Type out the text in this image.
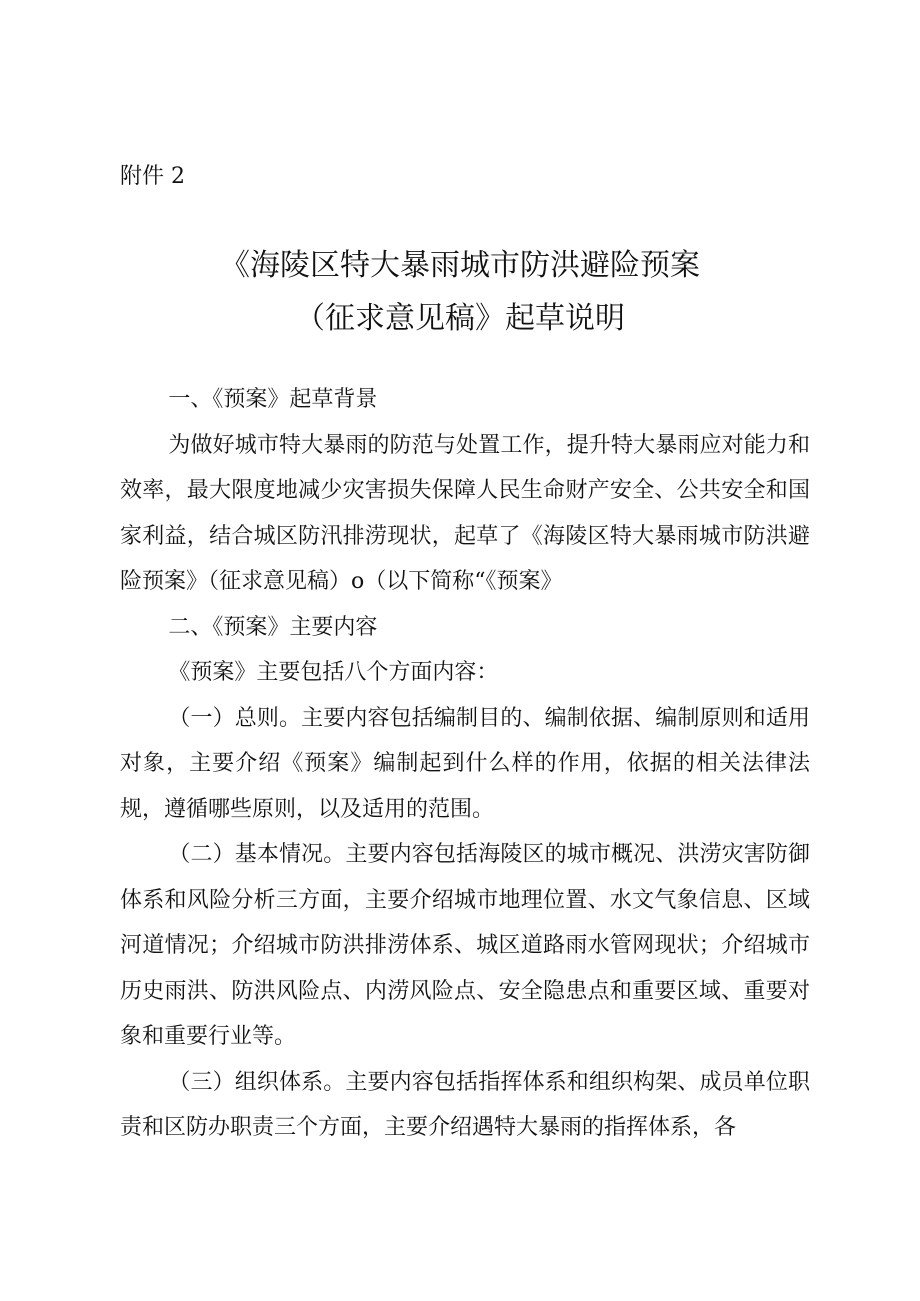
附件 2
《海陵区特大暴雨城市防洪避险预案
（征求意见稿》起草说明

一、《预案》起草背景

为做好城市特大暴雨的防范与处置工作，提升特大暴雨应对能力和效率，最大限度地减少灾害损失保障人民生命财产安全、公共安全和国家利益，结合城区防汛排涝现状，起草了《海陵区特大暴雨城市防洪避险预案》（征求意见稿）o（以下简称“《预案》

二、《预案》主要内容

《预案》主要包括八个方面内容：

（一）总则。主要内容包括编制目的、编制依据、编制原则和适用对象，主要介绍《预案》编制起到什么样的作用，依据的相关法律法规，遵循哪些原则，以及适用的范围。

（二）基本情况。主要内容包括海陵区的城市概况、洪涝灾害防御体系和风险分析三方面，主要介绍城市地理位置、水文气象信息、区域河道情况；介绍城市防洪排涝体系、城区道路雨水管网现状；介绍城市历史雨洪、防洪风险点、内涝风险点、安全隐患点和重要区域、重要对象和重要行业等。

（三）组织体系。主要内容包括指挥体系和组织构架、成员单位职责和区防办职责三个方面，主要介绍遇特大暴雨的指挥体系，各
